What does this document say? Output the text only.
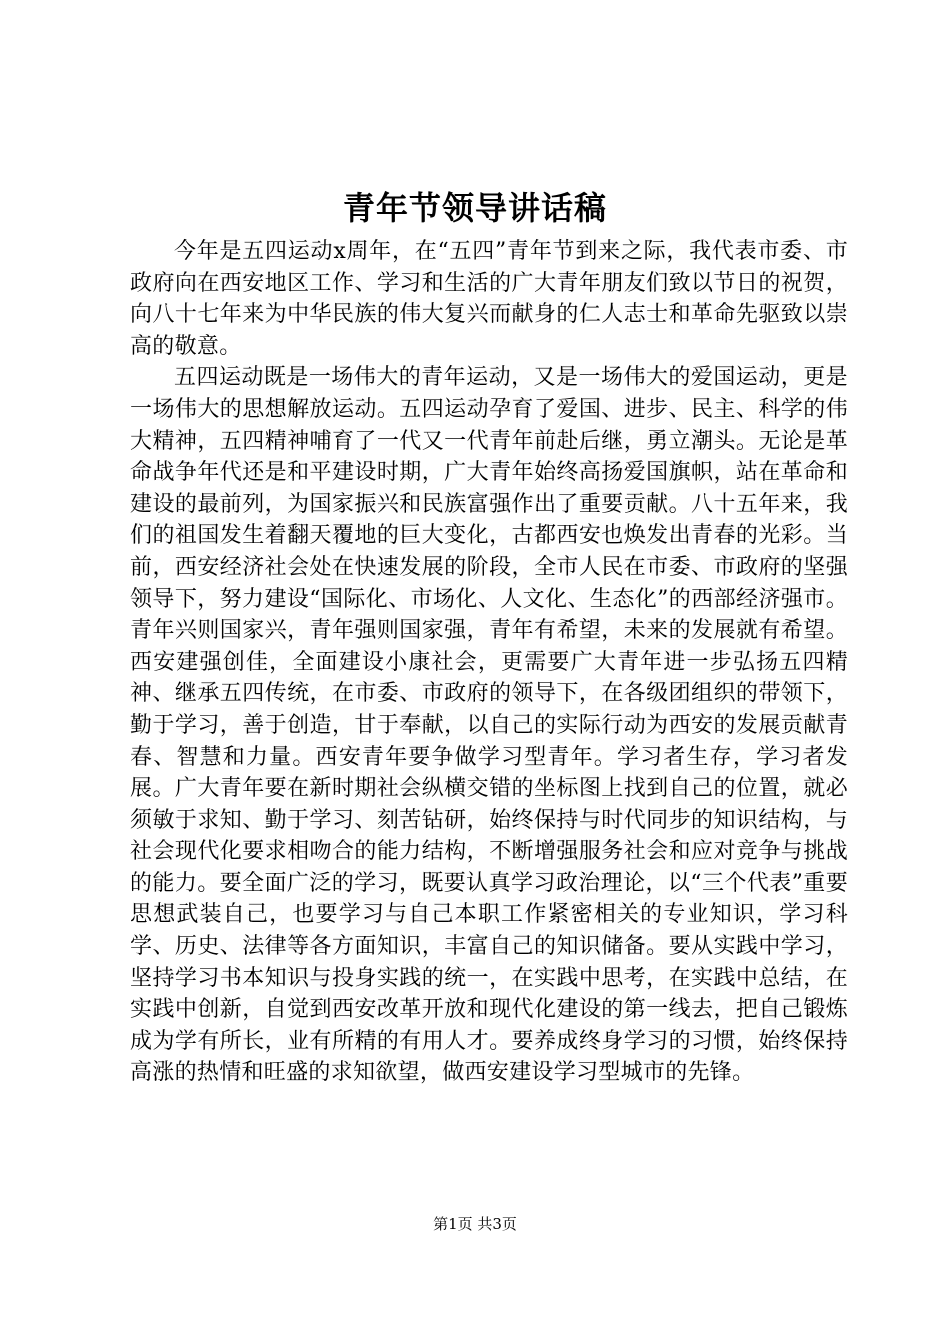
青年节领导讲话稿

今年是五四运动x周年，在“五四”青年节到来之际，我代表市委、市政府向在西安地区工作、学习和生活的广大青年朋友们致以节日的祝贺，向八十七年来为中华民族的伟大复兴而献身的仁人志士和革命先驱致以崇高的敬意。

五四运动既是一场伟大的青年运动，又是一场伟大的爱国运动，更是一场伟大的思想解放运动。五四运动孕育了爱国、进步、民主、科学的伟大精神，五四精神哺育了一代又一代青年前赴后继，勇立潮头。无论是革命战争年代还是和平建设时期，广大青年始终高扬爱国旗帜，站在革命和建设的最前列，为国家振兴和民族富强作出了重要贡献。八十五年来，我们的祖国发生着翻天覆地的巨大变化，古都西安也焕发出青春的光彩。当前，西安经济社会处在快速发展的阶段，全市人民在市委、市政府的坚强领导下，努力建设“国际化、市场化、人文化、生态化”的西部经济强市。青年兴则国家兴，青年强则国家强，青年有希望，未来的发展就有希望。西安建强创佳，全面建设小康社会，更需要广大青年进一步弘扬五四精神、继承五四传统，在市委、市政府的领导下，在各级团组织的带领下，勤于学习，善于创造，甘于奉献，以自己的实际行动为西安的发展贡献青春、智慧和力量。西安青年要争做学习型青年。学习者生存，学习者发展。广大青年要在新时期社会纵横交错的坐标图上找到自己的位置，就必须敏于求知、勤于学习、刻苦钻研，始终保持与时代同步的知识结构，与社会现代化要求相吻合的能力结构，不断增强服务社会和应对竞争与挑战的能力。要全面广泛的学习，既要认真学习政治理论，以“三个代表”重要思想武装自己，也要学习与自己本职工作紧密相关的专业知识，学习科学、历史、法律等各方面知识，丰富自己的知识储备。要从实践中学习，坚持学习书本知识与投身实践的统一，在实践中思考，在实践中总结，在实践中创新，自觉到西安改革开放和现代化建设的第一线去，把自己锻炼成为学有所长，业有所精的有用人才。要养成终身学习的习惯，始终保持高涨的热情和旺盛的求知欲望，做西安建设学习型城市的先锋。

第1页 共3页
